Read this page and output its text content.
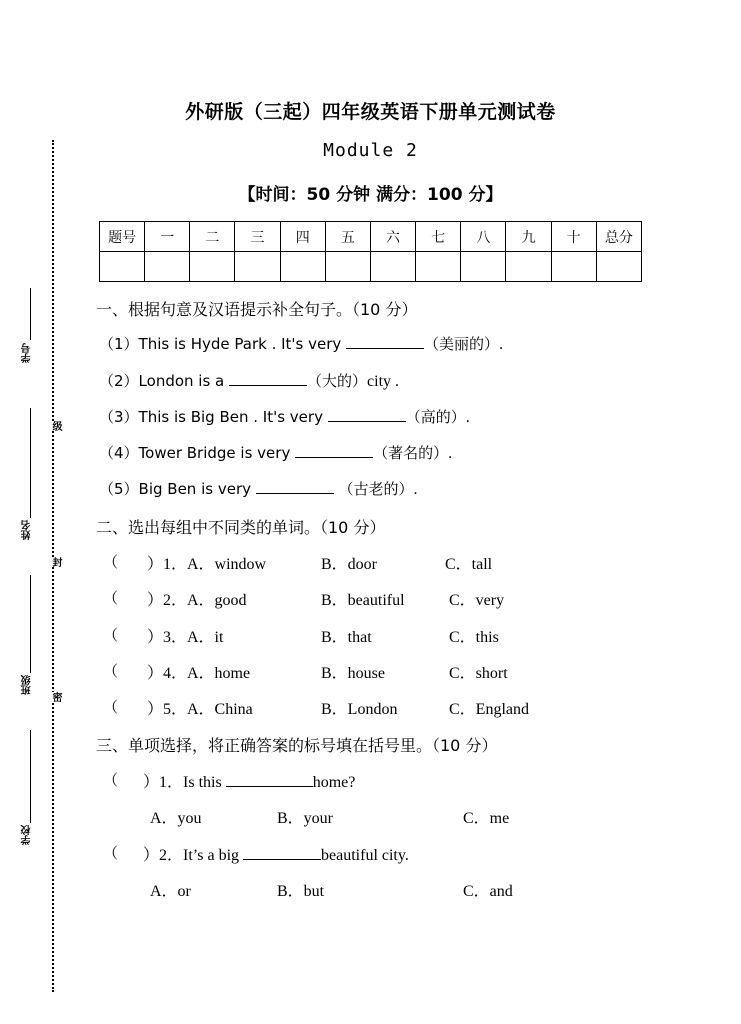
学号
姓名
班级
学校
级
封
密
外研版（三起）四年级英语下册单元测试卷
Module 2
【时间：50 分钟 满分：100 分】
题号	一	二	三	四	五	六	七	八	九	十	总分

一、根据句意及汉语提示补全句子。（10 分）
（1）This is Hyde Park . It's very	（美丽的）.
（2）London is a	（大的）city .
（3）This is Big Ben . It's very	（高的）.
（4）Tower Bridge is very	（著名的）.
（5）Big Ben is very	（古老的）.
二、选出每组中不同类的单词。（10 分）
（ ）1． A．window	B．door	C．tall
（ ）2． A．good	B．beautiful	C．very
（ ）3． A．it	B．that	C．this
（ ）4． A．home	B．house	C．short
（ ）5． A．China	B．London	C．England
三、单项选择，将正确答案的标号填在括号里。（10 分）
（ ）1．Is this	home?
A．you	B．your	C．me
（ ）2．It’s a big	beautiful city.
A．or	B．but	C．and
